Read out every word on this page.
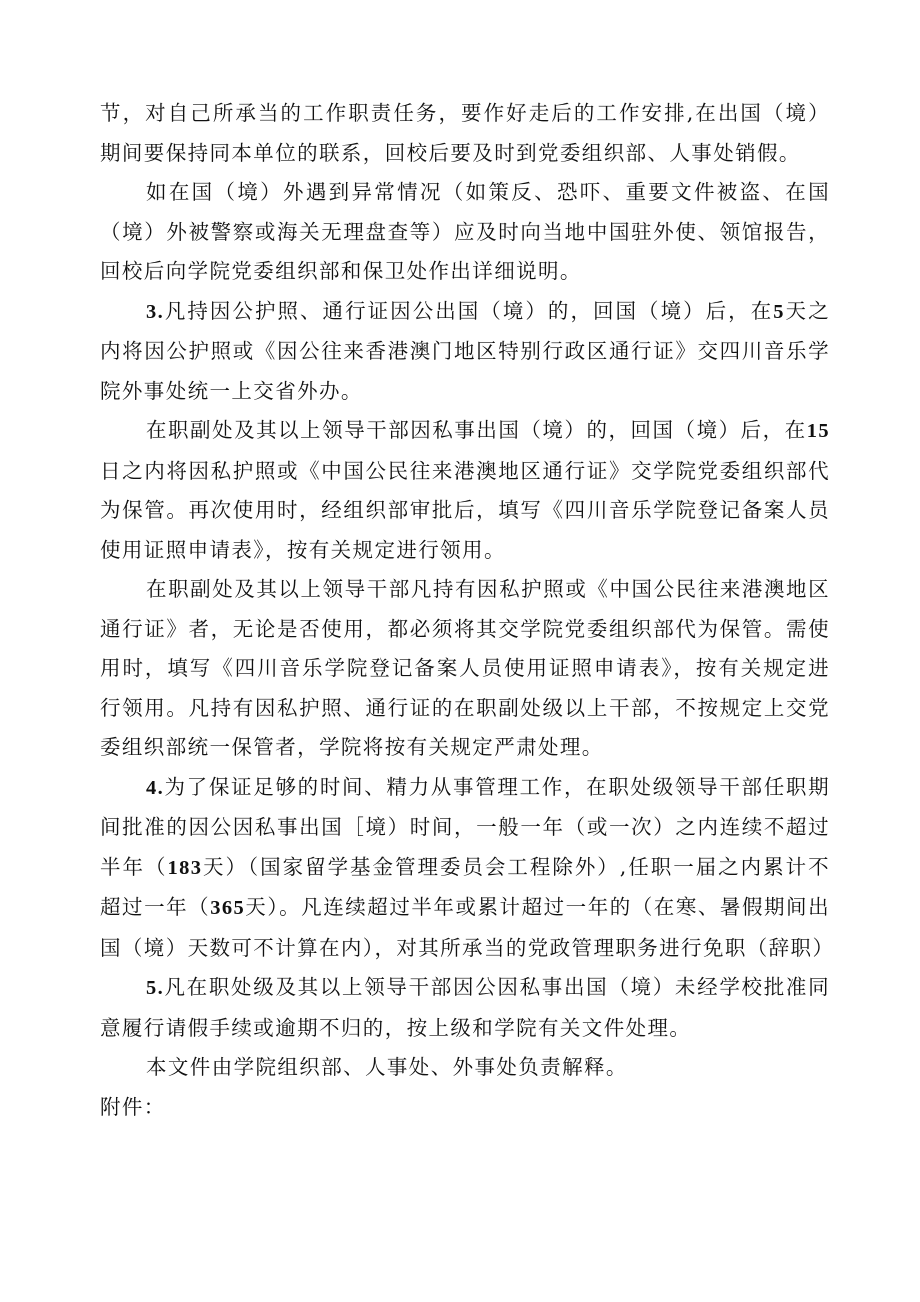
节，对自己所承当的工作职责任务，要作好走后的工作安排,在出国（境）期间要保持同本单位的联系，回校后要及时到党委组织部、人事处销假。

如在国（境）外遇到异常情况（如策反、恐吓、重要文件被盗、在国（境）外被警察或海关无理盘查等）应及时向当地中国驻外使、领馆报告，回校后向学院党委组织部和保卫处作出详细说明。

3.凡持因公护照、通行证因公出国（境）的，回国（境）后，在5天之内将因公护照或《因公往来香港澳门地区特别行政区通行证》交四川音乐学院外事处统一上交省外办。

在职副处及其以上领导干部因私事出国（境）的，回国（境）后，在15日之内将因私护照或《中国公民往来港澳地区通行证》交学院党委组织部代为保管。再次使用时，经组织部审批后，填写《四川音乐学院登记备案人员使用证照申请表》，按有关规定进行领用。

在职副处及其以上领导干部凡持有因私护照或《中国公民往来港澳地区通行证》者，无论是否使用，都必须将其交学院党委组织部代为保管。需使用时，填写《四川音乐学院登记备案人员使用证照申请表》，按有关规定进行领用。凡持有因私护照、通行证的在职副处级以上干部，不按规定上交党委组织部统一保管者，学院将按有关规定严肃处理。

4.为了保证足够的时间、精力从事管理工作，在职处级领导干部任职期间批准的因公因私事出国［境）时间，一般一年（或一次）之内连续不超过半年（183天）（国家留学基金管理委员会工程除外）,任职一届之内累计不超过一年（365天）。凡连续超过半年或累计超过一年的（在寒、暑假期间出国（境）天数可不计算在内），对其所承当的党政管理职务进行免职（辞职）

5.凡在职处级及其以上领导干部因公因私事出国（境）未经学校批准同意履行请假手续或逾期不归的，按上级和学院有关文件处理。

本文件由学院组织部、人事处、外事处负责解释。

附件：
